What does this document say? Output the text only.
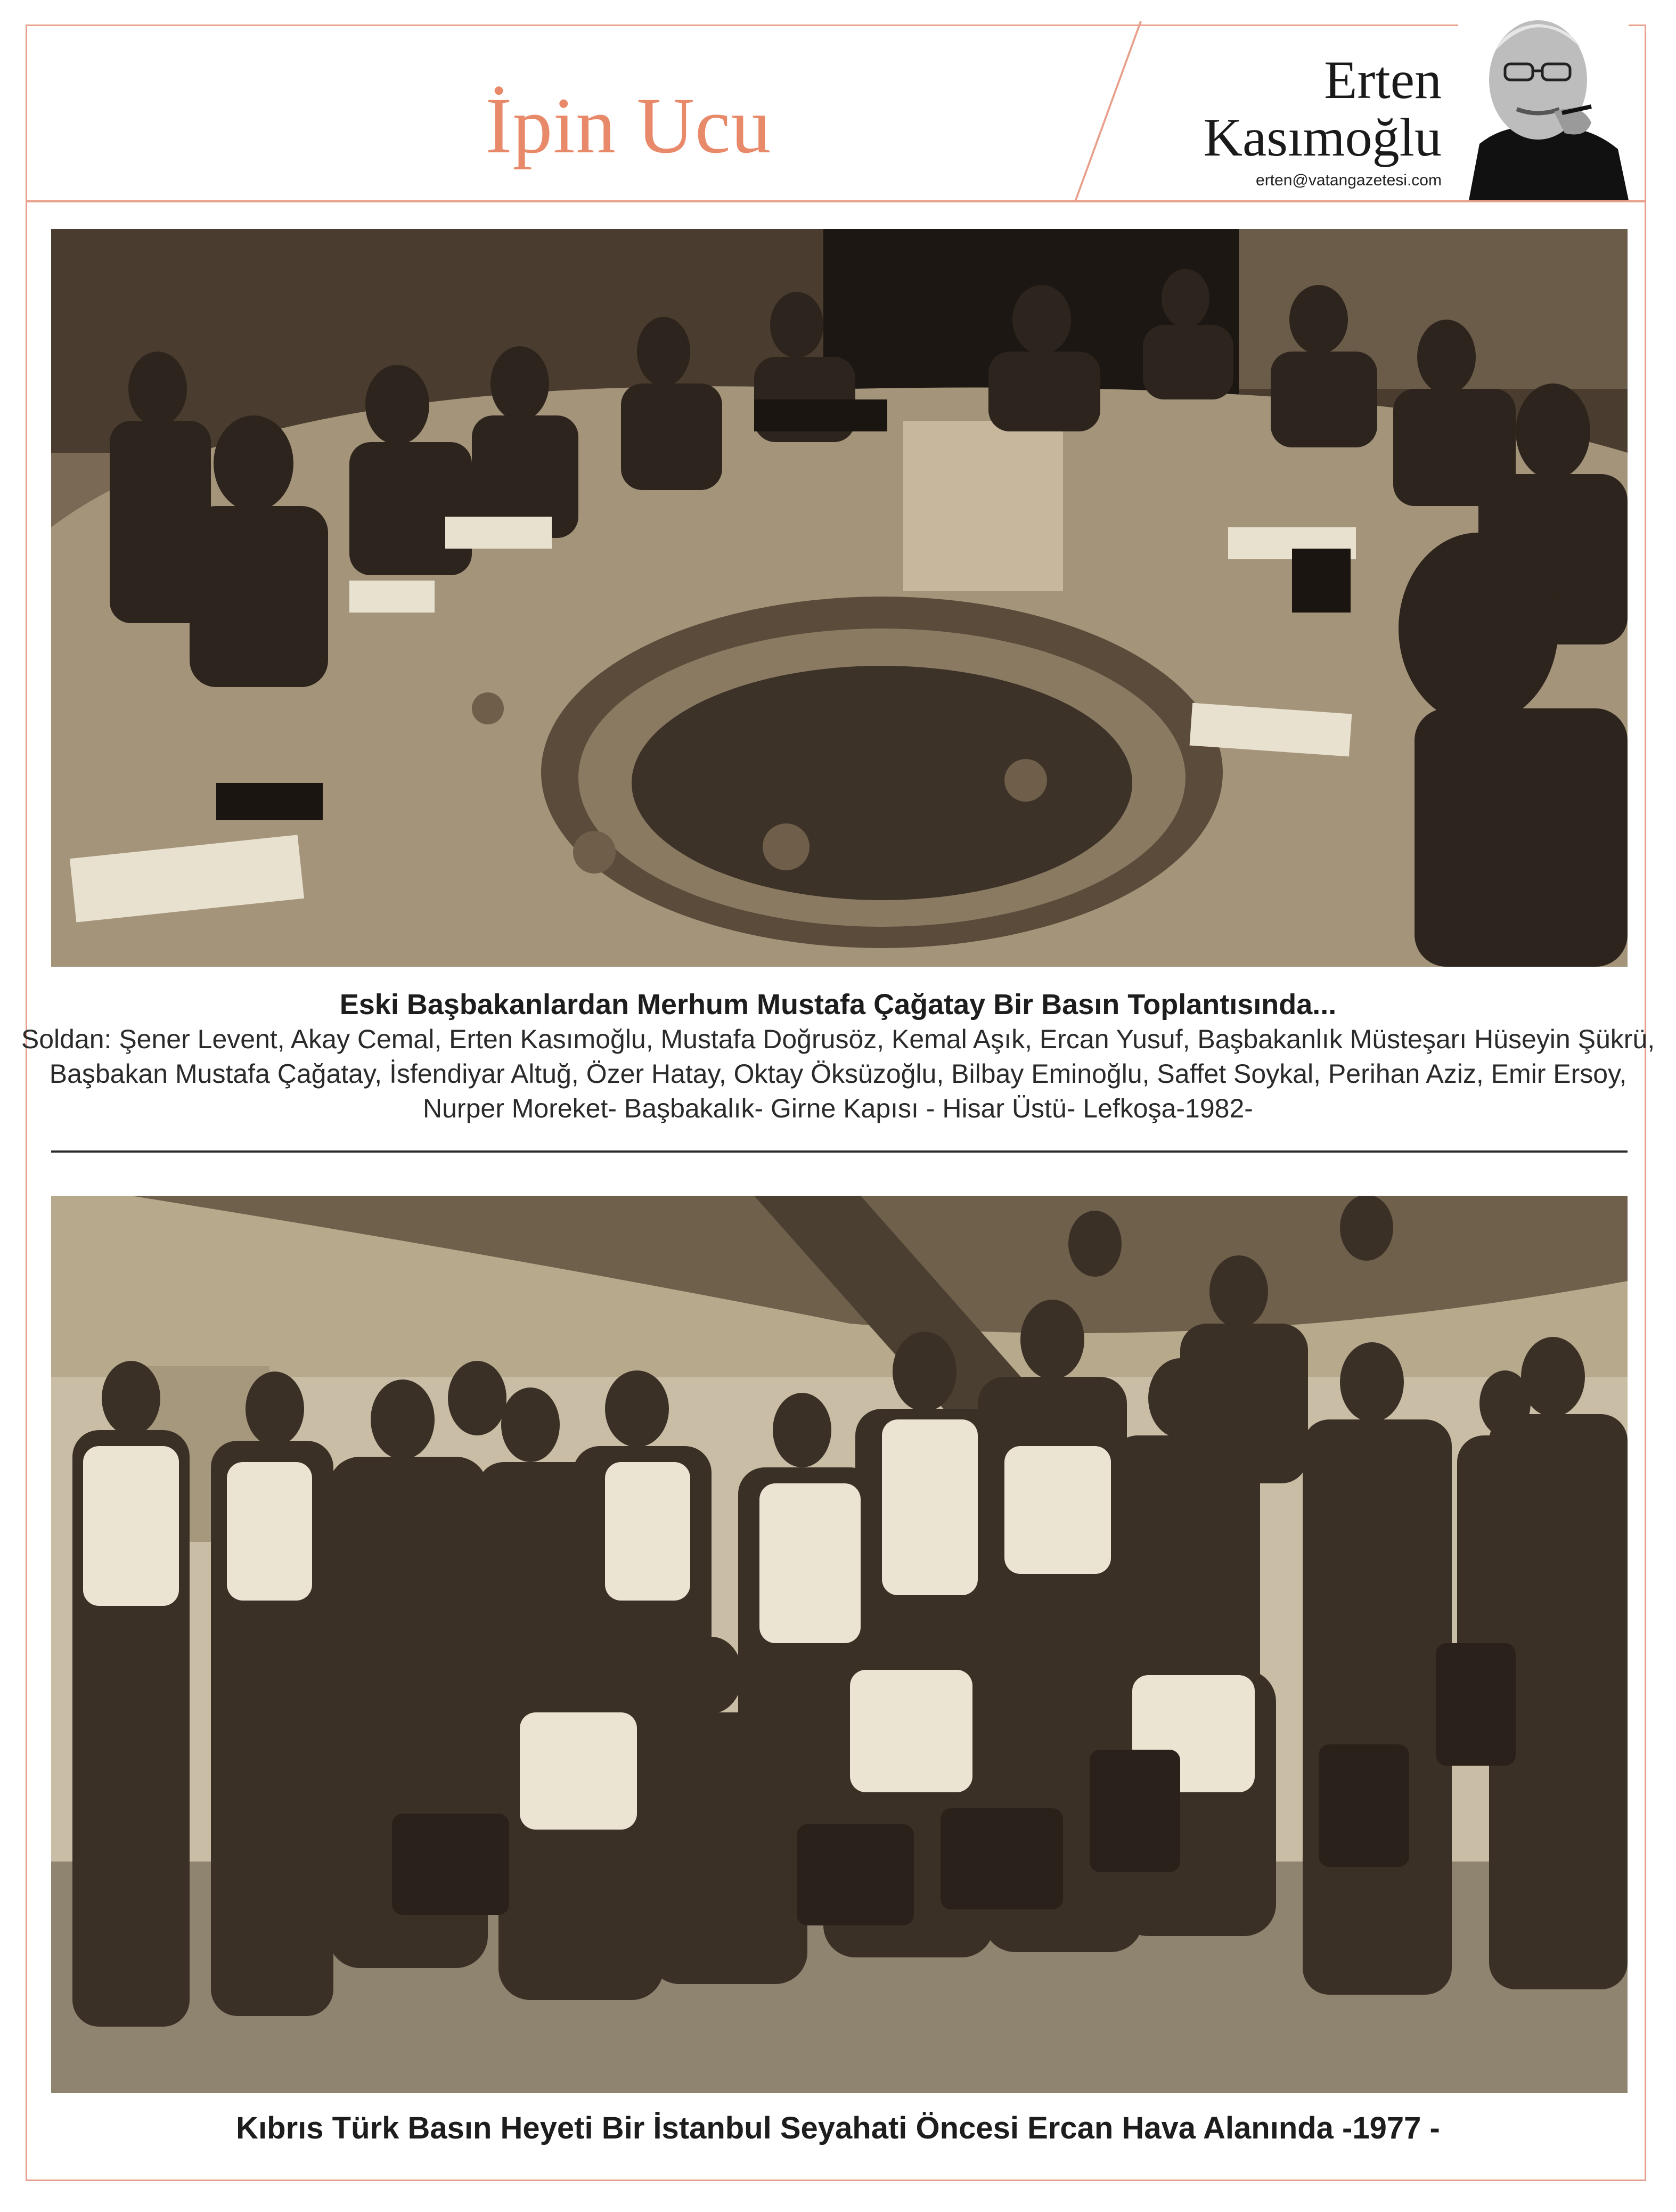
İpin Ucu
Erten
Kasımoğlu
erten@vatangazetesi.com
Eski Başbakanlardan Merhum Mustafa Çağatay Bir Basın Toplantısında...
Soldan: Şener Levent, Akay Cemal, Erten Kasımoğlu, Mustafa Doğrusöz, Kemal Aşık, Ercan Yusuf, Başbakanlık Müsteşarı Hüseyin Şükrü,
Başbakan Mustafa Çağatay, İsfendiyar Altuğ, Özer Hatay, Oktay Öksüzoğlu, Bilbay Eminoğlu, Saffet Soykal, Perihan Aziz, Emir Ersoy,
Nurper Moreket- Başbakalık- Girne Kapısı - Hisar Üstü- Lefkoşa-1982-
Kıbrıs Türk Basın Heyeti Bir İstanbul Seyahati Öncesi Ercan Hava Alanında -1977 -
